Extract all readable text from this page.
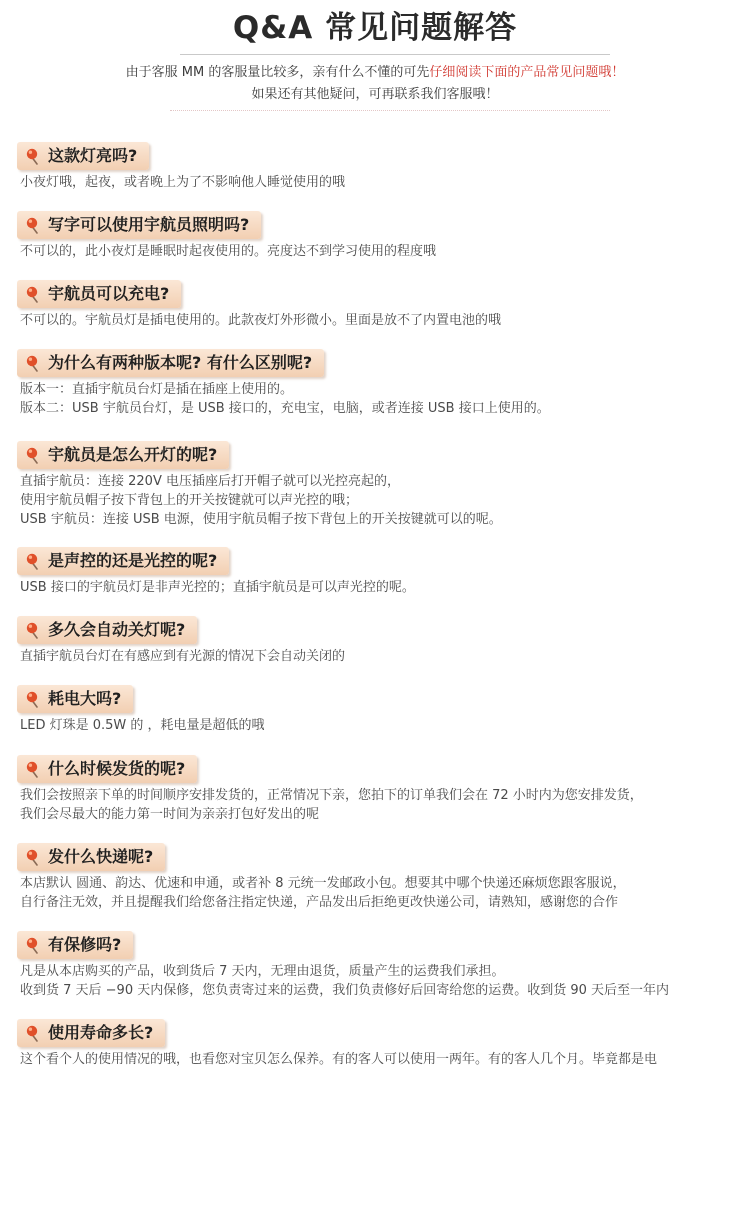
Q&A 常见问题解答
由于客服 MM 的客服量比较多，亲有什么不懂的可先仔细阅读下面的产品常见问题哦！
如果还有其他疑问，可再联系我们客服哦！
这款灯亮吗?
小夜灯哦，起夜，或者晚上为了不影响他人睡觉使用的哦
写字可以使用宇航员照明吗?
不可以的，此小夜灯是睡眠时起夜使用的。亮度达不到学习使用的程度哦
宇航员可以充电?
不可以的。宇航员灯是插电使用的。此款夜灯外形微小。里面是放不了内置电池的哦
为什么有两种版本呢? 有什么区别呢?
版本一：直插宇航员台灯是插在插座上使用的。
版本二：USB 宇航员台灯，是 USB 接口的，充电宝，电脑，或者连接 USB 接口上使用的。
宇航员是怎么开灯的呢?
直插宇航员：连接 220V 电压插座后打开帽子就可以光控亮起的，
使用宇航员帽子按下背包上的开关按键就可以声光控的哦；
USB 宇航员：连接 USB 电源，使用宇航员帽子按下背包上的开关按键就可以的呢。
是声控的还是光控的呢?
USB 接口的宇航员灯是非声光控的；直插宇航员是可以声光控的呢。
多久会自动关灯呢?
直插宇航员台灯在有感应到有光源的情况下会自动关闭的
耗电大吗?
LED 灯珠是 0.5W 的 ，耗电量是超低的哦
什么时候发货的呢?
我们会按照亲下单的时间顺序安排发货的，正常情况下亲，您拍下的订单我们会在 72 小时内为您安排发货，
我们会尽最大的能力第一时间为亲亲打包好发出的呢
发什么快递呢?
本店默认 圆通、韵达、优速和申通，或者补 8 元统一发邮政小包。想要其中哪个快递还麻烦您跟客服说，
自行备注无效，并且提醒我们给您备注指定快递，产品发出后拒绝更改快递公司，请熟知，感谢您的合作
有保修吗?
凡是从本店购买的产品，收到货后 7 天内，无理由退货，质量产生的运费我们承担。
收到货 7 天后 −90 天内保修，您负责寄过来的运费，我们负责修好后回寄给您的运费。收到货 90 天后至一年内
使用寿命多长?
这个看个人的使用情况的哦，也看您对宝贝怎么保养。有的客人可以使用一两年。有的客人几个月。毕竟都是电
